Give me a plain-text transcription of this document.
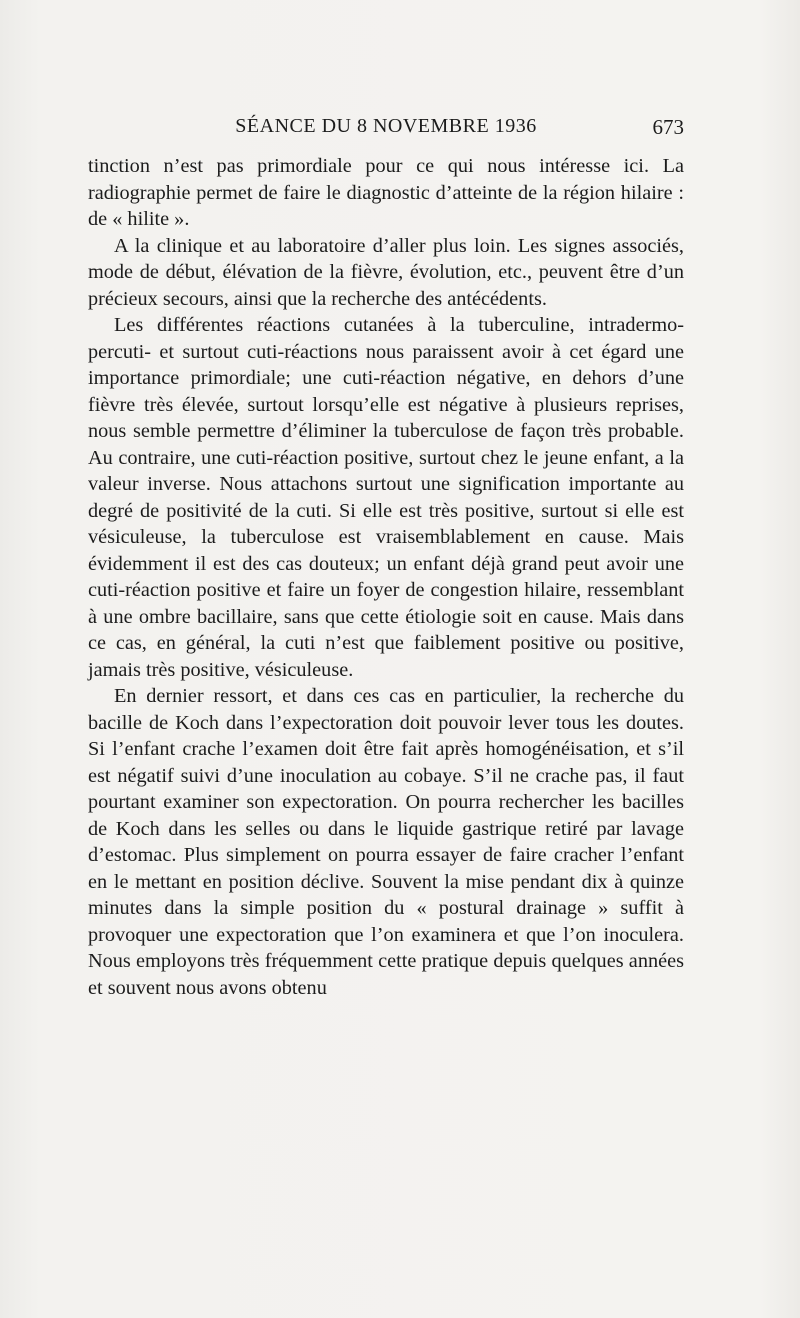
SÉANCE DU 8 NOVEMBRE 1936	673

tinction n’est pas primordiale pour ce qui nous intéresse ici. La radiographie permet de faire le diagnostic d’atteinte de la région hilaire : de « hilite ».

A la clinique et au laboratoire d’aller plus loin. Les signes associés, mode de début, élévation de la fièvre, évolution, etc., peuvent être d’un précieux secours, ainsi que la recherche des antécédents.

Les différentes réactions cutanées à la tuberculine, intradermo-percuti- et surtout cuti-réactions nous paraissent avoir à cet égard une importance primordiale; une cuti-réaction négative, en dehors d’une fièvre très élevée, surtout lorsqu’elle est négative à plusieurs reprises, nous semble permettre d’éliminer la tuberculose de façon très probable. Au contraire, une cuti-réaction positive, surtout chez le jeune enfant, a la valeur inverse. Nous attachons surtout une signification importante au degré de positivité de la cuti. Si elle est très positive, surtout si elle est vésiculeuse, la tuberculose est vraisemblablement en cause. Mais évidemment il est des cas douteux; un enfant déjà grand peut avoir une cuti-réaction positive et faire un foyer de congestion hilaire, ressemblant à une ombre bacillaire, sans que cette étiologie soit en cause. Mais dans ce cas, en général, la cuti n’est que faiblement positive ou positive, jamais très positive, vésiculeuse.

En dernier ressort, et dans ces cas en particulier, la recherche du bacille de Koch dans l’expectoration doit pouvoir lever tous les doutes. Si l’enfant crache l’examen doit être fait après homogénéisation, et s’il est négatif suivi d’une inoculation au cobaye. S’il ne crache pas, il faut pourtant examiner son expectoration. On pourra rechercher les bacilles de Koch dans les selles ou dans le liquide gastrique retiré par lavage d’estomac. Plus simplement on pourra essayer de faire cracher l’enfant en le mettant en position déclive. Souvent la mise pendant dix à quinze minutes dans la simple position du « postural drainage » suffit à provoquer une expectoration que l’on examinera et que l’on inoculera. Nous employons très fréquemment cette pratique depuis quelques années et souvent nous avons obtenu
